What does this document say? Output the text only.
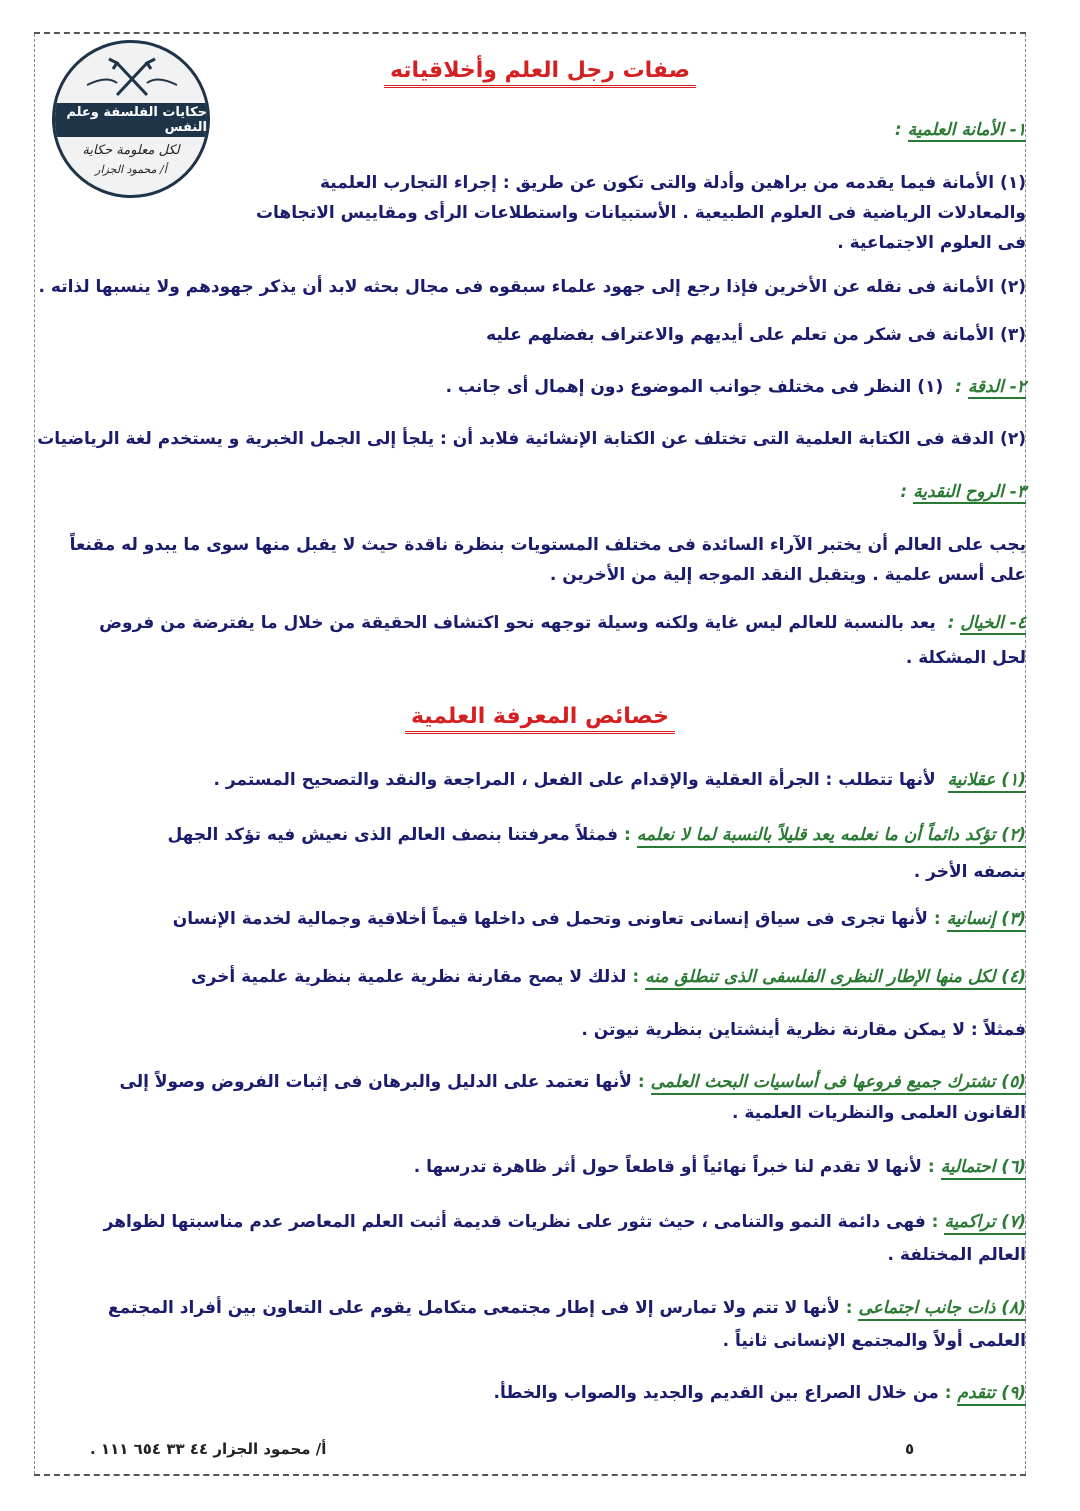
حكايات الفلسفة وعلم النفس
لكل معلومة حكاية
أ/ محمود الجزار
صفات رجل العلم وأخلاقياته
١- الأمانة العلمية :
(١) الأمانة فيما يقدمه من براهين وأدلة والتى تكون عن طريق : إجراء التجارب العلمية
والمعادلات الرياضية فى العلوم الطبيعية . الأستبيانات واستطلاعات الرأى ومقاييس الاتجاهات
فى العلوم الاجتماعية .
(٢) الأمانة فى نقله عن الأخرين فإذا رجع إلى جهود علماء سبقوه فى مجال بحثه لابد أن يذكر جهودهم ولا ينسبها لذاته .
(٣) الأمانة فى شكر من تعلم على أيديهم والاعتراف بفضلهم عليه
٢- الدقة :  (١) النظر فى مختلف جوانب الموضوع دون إهمال أى جانب .
(٢) الدقة فى الكتابة العلمية التى تختلف عن الكتابة الإنشائية فلابد أن : يلجأ إلى الجمل الخبرية و يستخدم لغة الرياضيات
٣- الروح النقدية :
يجب على العالم أن يختبر الآراء السائدة فى مختلف المستويات بنظرة ناقدة حيث لا يقبل منها سوى ما يبدو له مقنعاً
على أسس علمية . ويتقبل النقد الموجه إلية من الأخرين .
٤- الخيال :  يعد بالنسبة للعالم ليس غاية ولكنه وسيلة توجهه نحو اكتشاف الحقيقة من خلال ما يفترضة من فروض
لحل المشكلة .
خصائص المعرفة العلمية
(١) عقلانية  لأنها تتطلب : الجرأة العقلية والإقدام على الفعل ، المراجعة والنقد والتصحيح المستمر .
(٢) تؤكد دائماً أن ما نعلمه يعد قليلاً بالنسبة لما لا نعلمه : فمثلاً معرفتنا بنصف العالم الذى نعيش فيه تؤكد الجهل
بنصفه الأخر .
(٣) إنسانية : لأنها تجرى فى سياق إنسانى تعاونى وتحمل فى داخلها قيماً أخلاقية وجمالية لخدمة الإنسان
(٤) لكل منها الإطار النظرى الفلسفى الذى تنطلق منه : لذلك لا يصح مقارنة نظرية علمية بنظرية علمية أخرى
فمثلاً : لا يمكن مقارنة نظرية أينشتاين بنظرية نيوتن .
(٥) تشترك جميع فروعها فى أساسيات البحث العلمى : لأنها تعتمد على الدليل والبرهان فى إثبات الفروض وصولاً إلى
القانون العلمى والنظريات العلمية .
(٦) احتمالية : لأنها لا تقدم لنا خبراً نهائياً أو قاطعاً حول أثر ظاهرة تدرسها .
(٧) تراكمية : فهى دائمة النمو والتنامى ، حيث تثور على نظريات قديمة أثبت العلم المعاصر عدم مناسبتها لظواهر
العالم المختلفة .
(٨) ذات جانب اجتماعى : لأنها لا تتم ولا تمارس إلا فى إطار مجتمعى متكامل يقوم على التعاون بين أفراد المجتمع
العلمى أولاً والمجتمع الإنسانى ثانياً .
(٩) تتقدم : من خلال الصراع بين القديم والجديد والصواب والخطأ.
أ/ محمود الجزار ٤٤ ٣٣ ٦٥٤ ١١١ .	٥
